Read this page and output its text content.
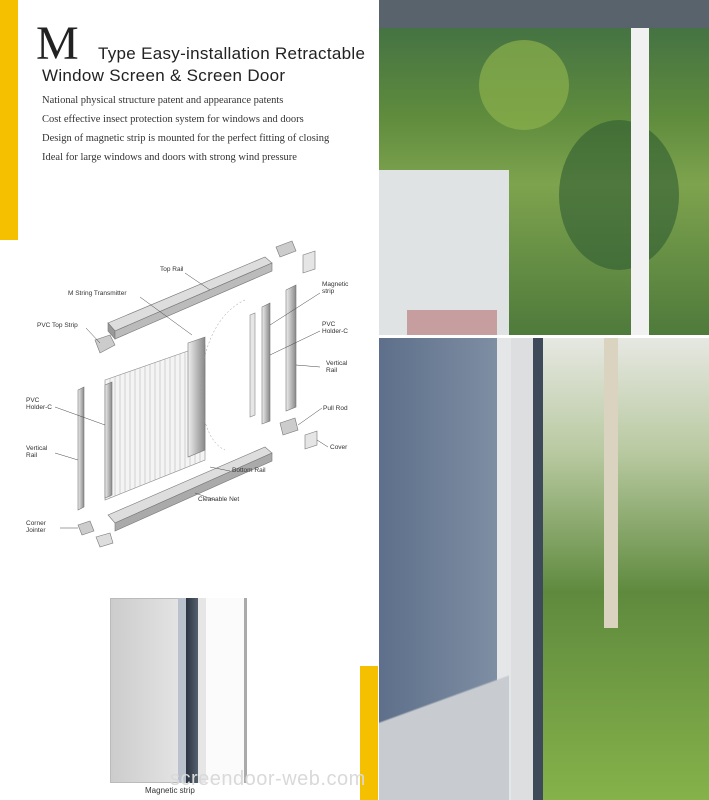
M Type Easy-installation Retractable
Window Screen & Screen Door
National physical structure patent and appearance patents
Cost effective insect protection system for windows and doors
Design of magnetic strip is mounted for the perfect fitting of closing
Ideal for large windows and doors with strong wind pressure
Top Rail
M String Transmitter
PVC Top Strip
PVC
Holder-C
Vertical
Rail
Corner
Jointer
Magnetic
strip
PVC
Holder-C
Vertical
Rail
Pull Rod
Cover
Bottom Rail
Cleanable Net
screendoor-web.com
Magnetic strip
